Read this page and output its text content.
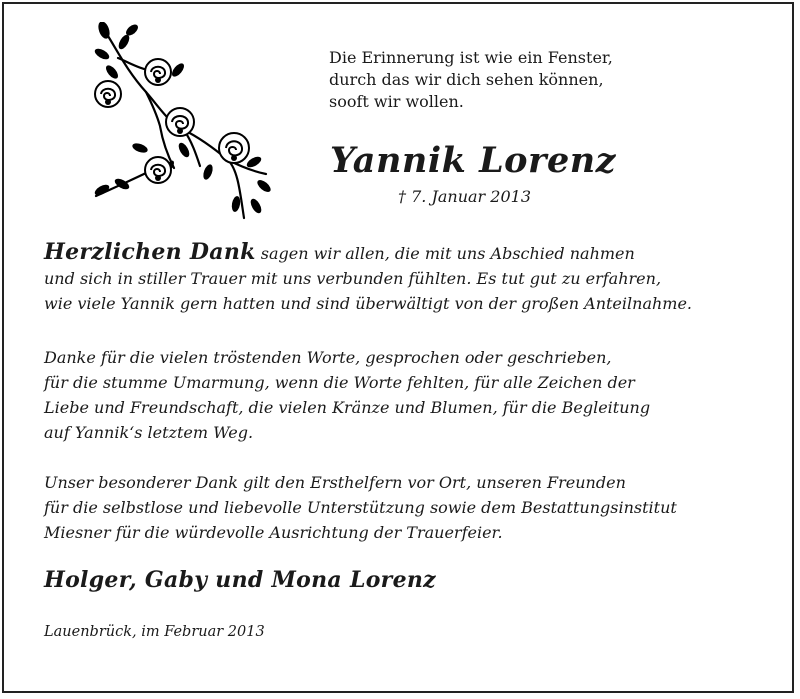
Die Erinnerung ist wie ein Fenster,
durch das wir dich sehen können,
sooft wir wollen.
Yannik Lorenz
† 7. Januar 2013
Herzlichen Dank sagen wir allen, die mit uns Abschied nahmen
und sich in stiller Trauer mit uns verbunden fühlten. Es tut gut zu erfahren,
wie viele Yannik gern hatten und sind überwältigt von der großen Anteilnahme.
Danke für die vielen tröstenden Worte, gesprochen oder geschrieben,
für die stumme Umarmung, wenn die Worte fehlten, für alle Zeichen der
Liebe und Freundschaft, die vielen Kränze und Blumen, für die Begleitung
auf Yannik‘s letztem Weg.
Unser besonderer Dank gilt den Ersthelfern vor Ort, unseren Freunden
für die selbstlose und liebevolle Unterstützung sowie dem Bestattungsinstitut
Miesner für die würdevolle Ausrichtung der Trauerfeier.
Holger, Gaby und Mona Lorenz
Lauenbrück, im Februar 2013
